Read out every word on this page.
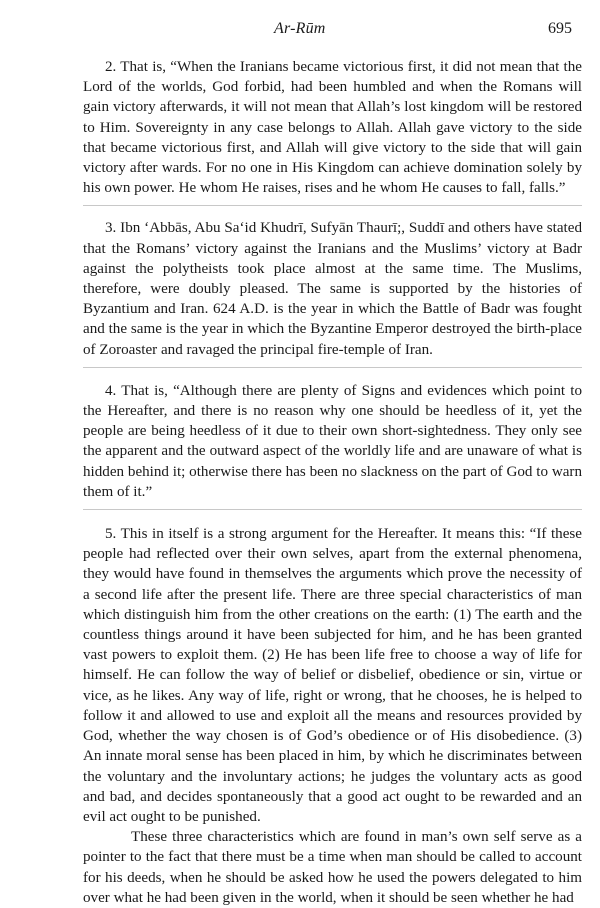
Ar-Rūm	695

2. That is, “When the Iranians became victorious first, it did not mean that the Lord of the worlds, God forbid, had been humbled and when the Romans will gain victory afterwards, it will not mean that Allah’s lost kingdom will be restored to Him. Sovereignty in any case belongs to Allah. Allah gave victory to the side that became victorious first, and Allah will give victory to the side that will gain victory after wards. For no one in His Kingdom can achieve domination solely by his own power. He whom He raises, rises and he whom He causes to fall, falls.”

3. Ibn ‘Abbās, Abu Sa‘id Khudrī, Sufyān Thaurī;, Suddī and others have stated that the Romans’ victory against the Iranians and the Muslims’ victory at Badr against the polytheists took place almost at the same time. The Muslims, therefore, were doubly pleased. The same is supported by the histories of Byzantium and Iran. 624 A.D. is the year in which the Battle of Badr was fought and the same is the year in which the Byzantine Emperor destroyed the birth-place of Zoroaster and ravaged the principal fire-temple of Iran.

4. That is, “Although there are plenty of Signs and evidences which point to the Hereafter, and there is no reason why one should be heedless of it, yet the people are being heedless of it due to their own short-sightedness. They only see the apparent and the outward aspect of the worldly life and are unaware of what is hidden behind it; otherwise there has been no slackness on the part of God to warn them of it.”

5. This in itself is a strong argument for the Hereafter. It means this: “If these people had reflected over their own selves, apart from the external phenomena, they would have found in themselves the arguments which prove the necessity of a second life after the present life. There are three special characteristics of man which distinguish him from the other creations on the earth: (1) The earth and the countless things around it have been subjected for him, and he has been granted vast powers to exploit them. (2) He has been life free to choose a way of life for himself. He can follow the way of belief or disbelief, obedience or sin, virtue or vice, as he likes. Any way of life, right or wrong, that he chooses, he is helped to follow it and allowed to use and exploit all the means and resources provided by God, whether the way chosen is of God’s obedience or of His disobedience. (3) An innate moral sense has been placed in him, by which he discriminates between the voluntary and the involuntary actions; he judges the voluntary acts as good and bad, and decides spontaneously that a good act ought to be rewarded and an evil act ought to be punished.

These three characteristics which are found in man’s own self serve as a pointer to the fact that there must be a time when man should be called to account for his deeds, when he should be asked how he used the powers delegated to him over what he had been given in the world, when it should be seen whether he had
